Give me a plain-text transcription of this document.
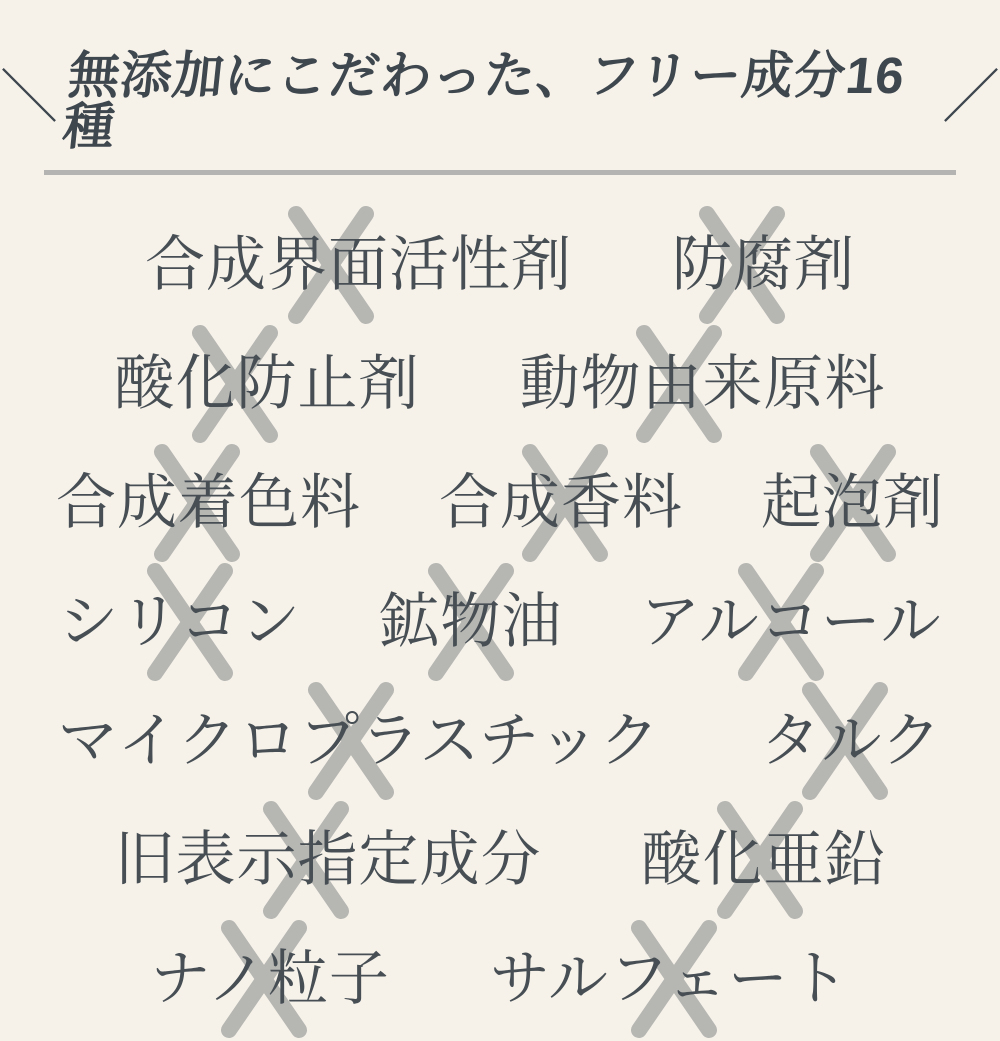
＼ 無添加にこだわった、フリー成分16種	／
合成界面活性剤 防腐剤
酸化防止剤 動物由来原料
合成着色料 合成香料 起泡剤
シリコン 鉱物油 アルコール
マイクロプラスチック タルク
旧表示指定成分 酸化亜鉛
ナノ粒子 サルフェート
